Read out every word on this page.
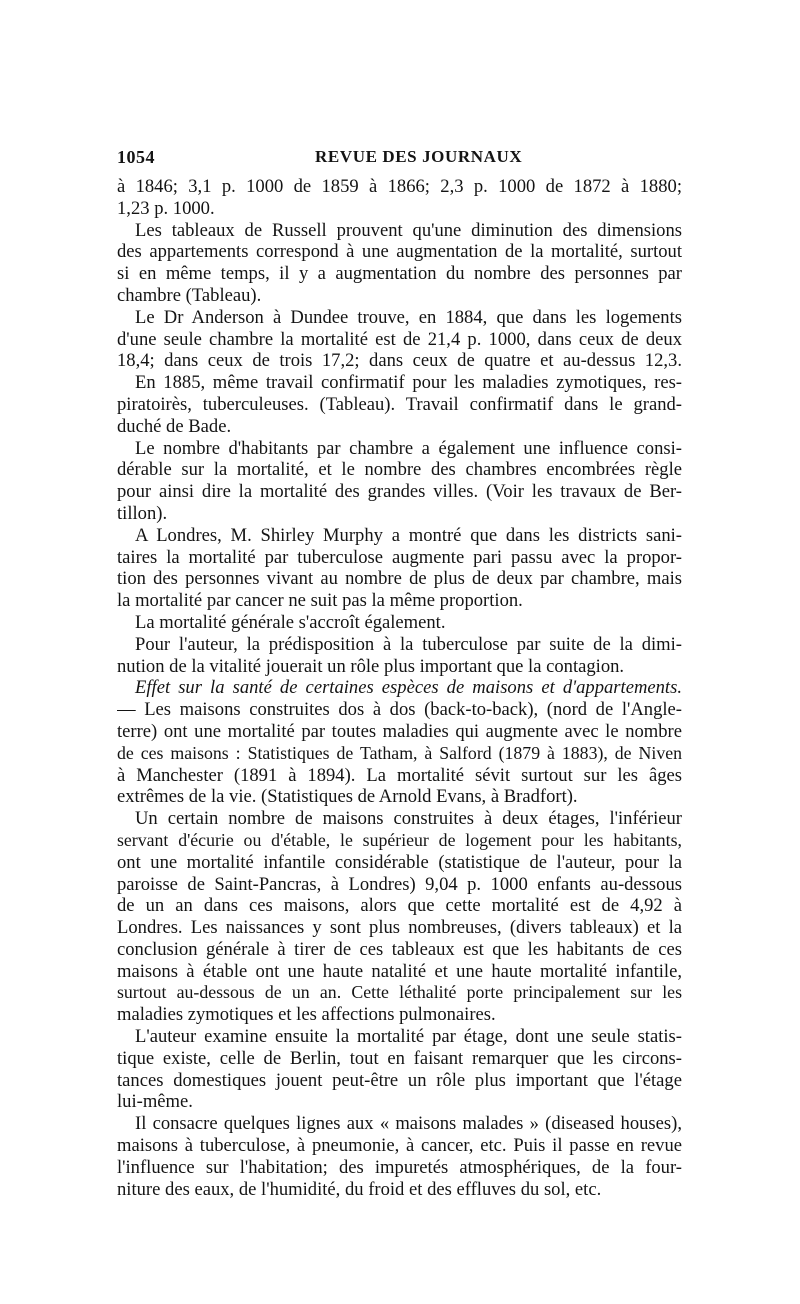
1054	REVUE DES JOURNAUX
à 1846; 3,1 p. 1000 de 1859 à 1866; 2,3 p. 1000 de 1872 à 1880;
1,23 p. 1000.
Les tableaux de Russell prouvent qu'une diminution des dimensions
des appartements correspond à une augmentation de la mortalité, surtout
si en même temps, il y a augmentation du nombre des personnes par
chambre (Tableau).
Le Dr Anderson à Dundee trouve, en 1884, que dans les logements
d'une seule chambre la mortalité est de 21,4 p. 1000, dans ceux de deux
18,4; dans ceux de trois 17,2; dans ceux de quatre et au-dessus 12,3.
En 1885, même travail confirmatif pour les maladies zymotiques, res-
piratoirès, tuberculeuses. (Tableau). Travail confirmatif dans le grand-
duché de Bade.
Le nombre d'habitants par chambre a également une influence consi-
dérable sur la mortalité, et le nombre des chambres encombrées règle
pour ainsi dire la mortalité des grandes villes. (Voir les travaux de Ber-
tillon).
A Londres, M. Shirley Murphy a montré que dans les districts sani-
taires la mortalité par tuberculose augmente pari passu avec la propor-
tion des personnes vivant au nombre de plus de deux par chambre, mais
la mortalité par cancer ne suit pas la même proportion.
La mortalité générale s'accroît également.
Pour l'auteur, la prédisposition à la tuberculose par suite de la dimi-
nution de la vitalité jouerait un rôle plus important que la contagion.
Effet sur la santé de certaines espèces de maisons et d'appartements.
— Les maisons construites dos à dos (back-to-back), (nord de l'Angle-
terre) ont une mortalité par toutes maladies qui augmente avec le nombre
de ces maisons : Statistiques de Tatham, à Salford (1879 à 1883), de Niven
à Manchester (1891 à 1894). La mortalité sévit surtout sur les âges
extrêmes de la vie. (Statistiques de Arnold Evans, à Bradfort).
Un certain nombre de maisons construites à deux étages, l'inférieur
servant d'écurie ou d'étable, le supérieur de logement pour les habitants,
ont une mortalité infantile considérable (statistique de l'auteur, pour la
paroisse de Saint-Pancras, à Londres) 9,04 p. 1000 enfants au-dessous
de un an dans ces maisons, alors que cette mortalité est de 4,92 à
Londres. Les naissances y sont plus nombreuses, (divers tableaux) et la
conclusion générale à tirer de ces tableaux est que les habitants de ces
maisons à étable ont une haute natalité et une haute mortalité infantile,
surtout au-dessous de un an. Cette léthalité porte principalement sur les
maladies zymotiques et les affections pulmonaires.
L'auteur examine ensuite la mortalité par étage, dont une seule statis-
tique existe, celle de Berlin, tout en faisant remarquer que les circons-
tances domestiques jouent peut-être un rôle plus important que l'étage
lui-même.
Il consacre quelques lignes aux « maisons malades » (diseased houses),
maisons à tuberculose, à pneumonie, à cancer, etc. Puis il passe en revue
l'influence sur l'habitation; des impuretés atmosphériques, de la four-
niture des eaux, de l'humidité, du froid et des effluves du sol, etc.
